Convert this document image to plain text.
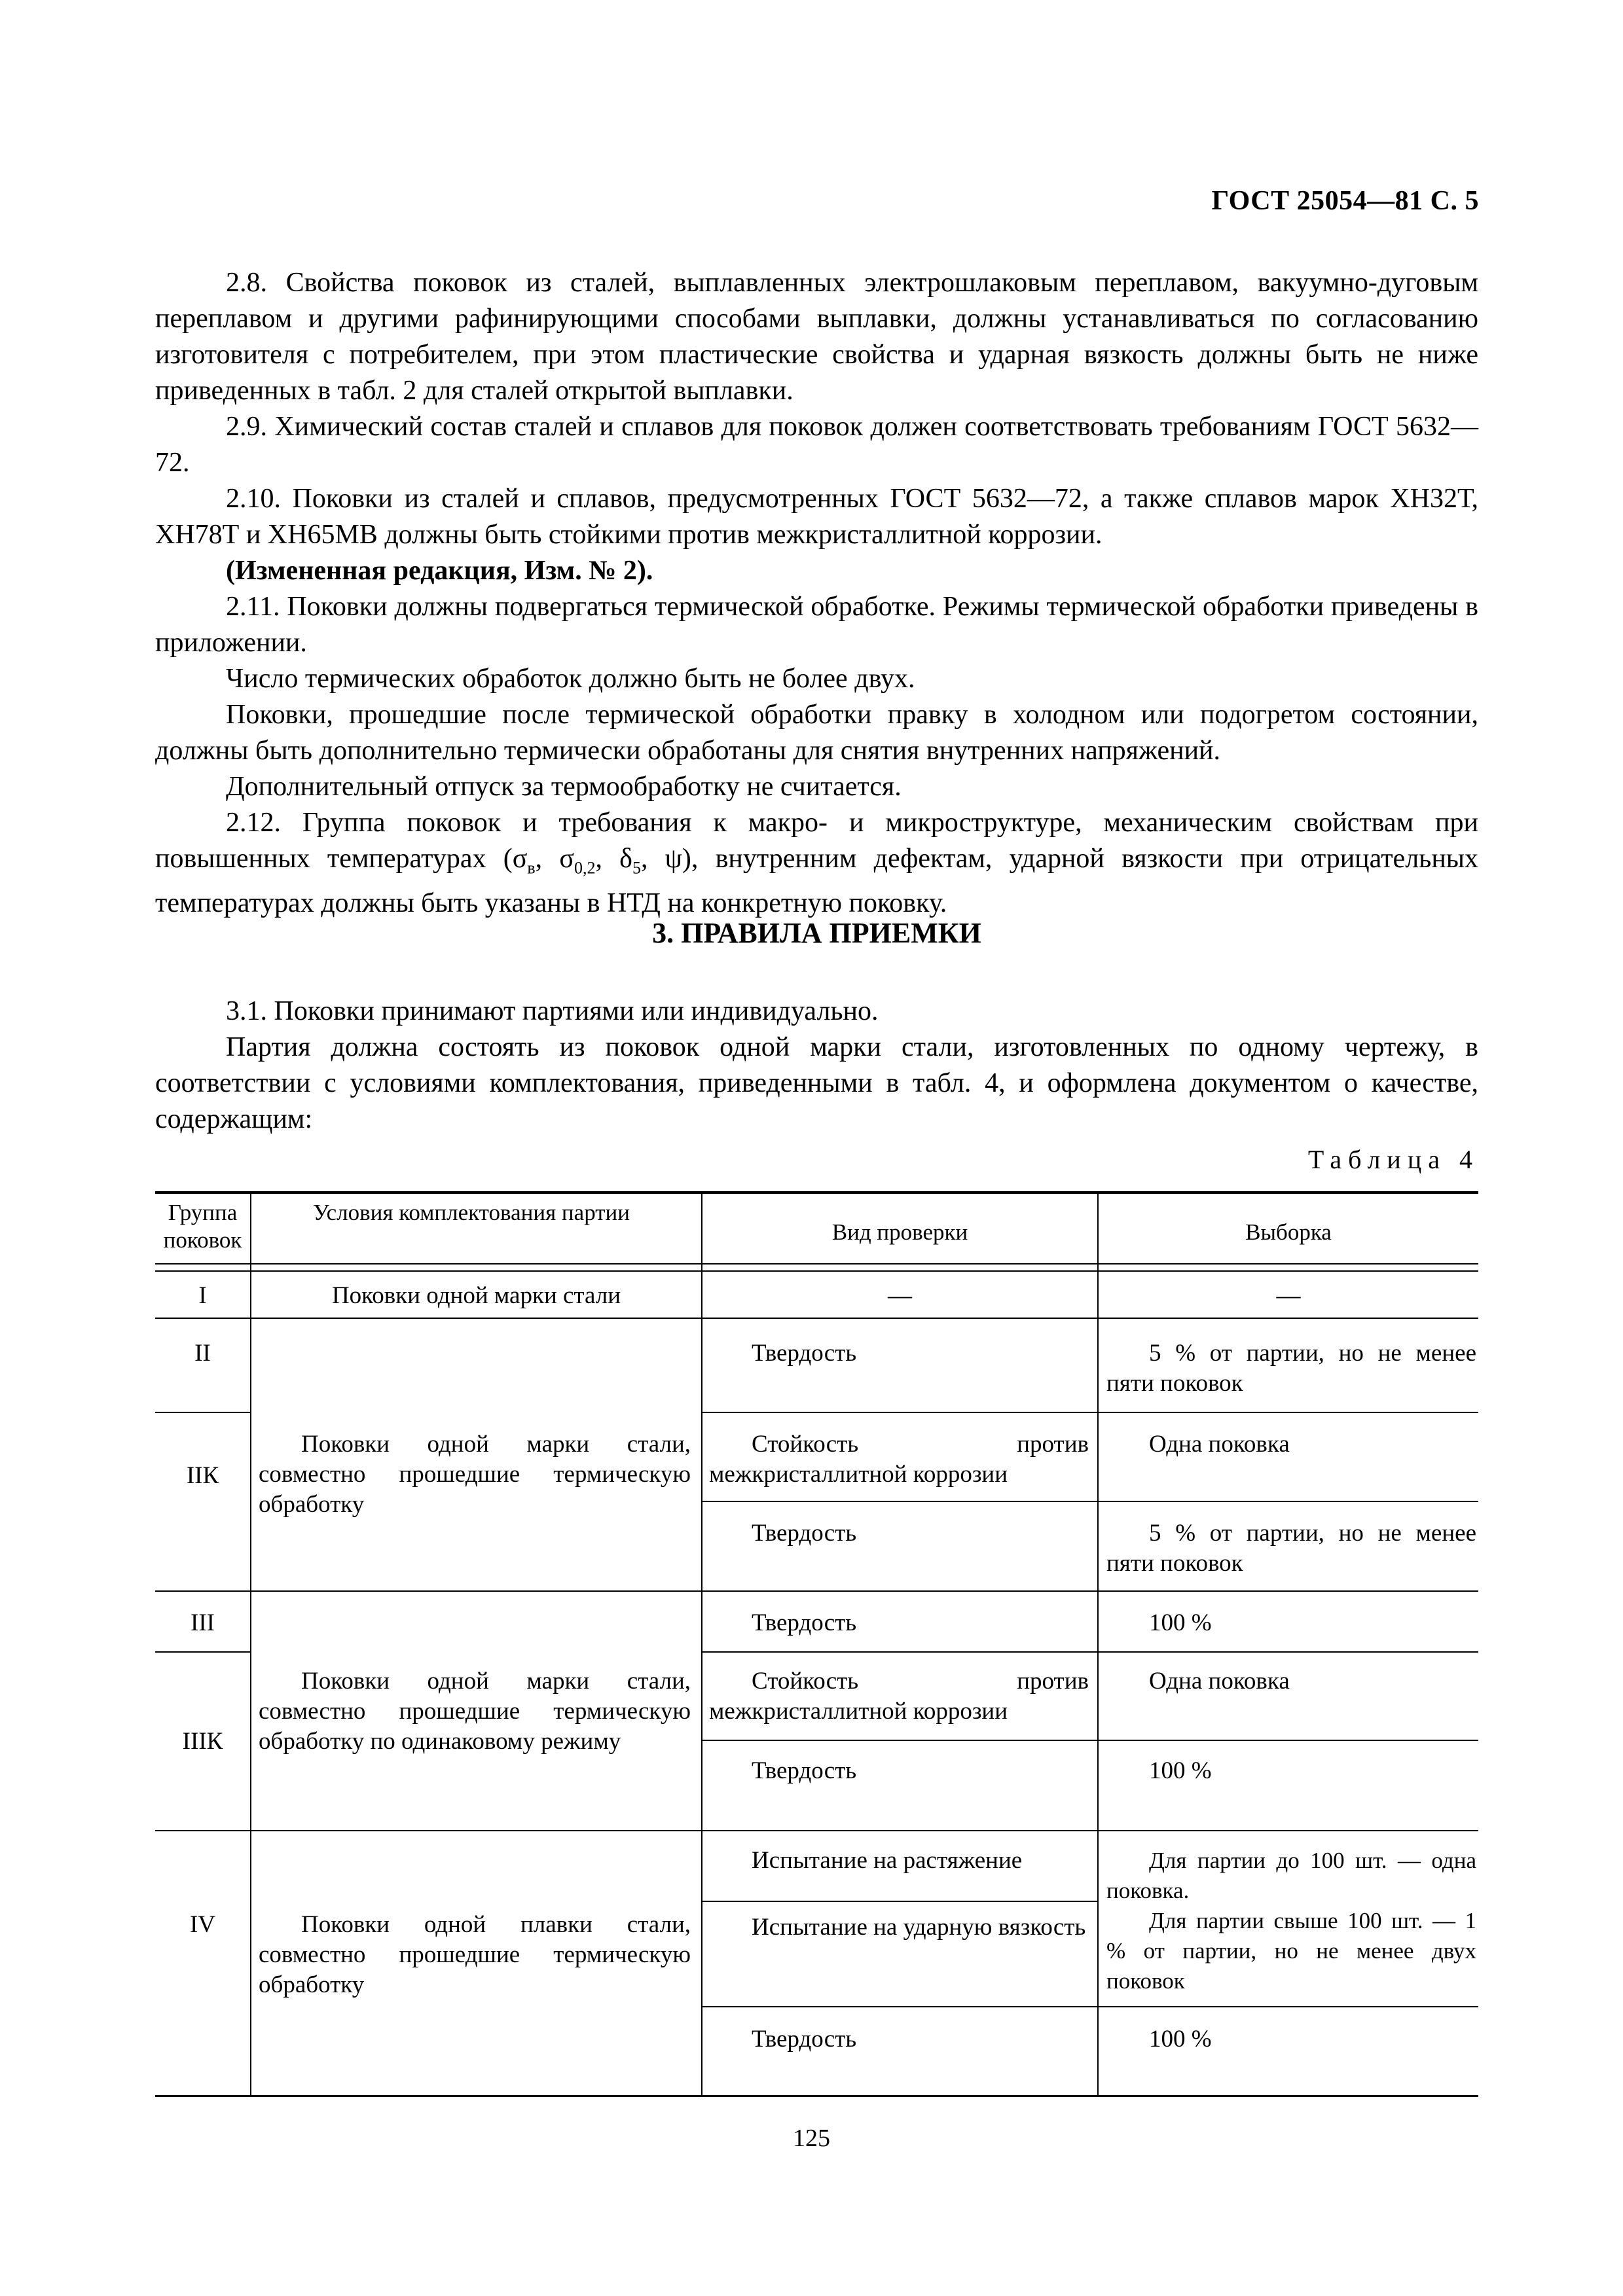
ГОСТ 25054—81 С. 5

2.8. Свойства поковок из сталей, выплавленных электрошлаковым переплавом, вакуумно-дуговым переплавом и другими рафинирующими способами выплавки, должны устанавливаться по согласованию изготовителя с потребителем, при этом пластические свойства и ударная вязкость должны быть не ниже приведенных в табл. 2 для сталей открытой выплавки.

2.9. Химический состав сталей и сплавов для поковок должен соответствовать требованиям ГОСТ 5632—72.

2.10. Поковки из сталей и сплавов, предусмотренных ГОСТ 5632—72, а также сплавов марок ХН32Т, ХН78Т и ХН65МВ должны быть стойкими против межкристаллитной коррозии.

(Измененная редакция, Изм. № 2).

2.11. Поковки должны подвергаться термической обработке. Режимы термической обработки приведены в приложении.

Число термических обработок должно быть не более двух.

Поковки, прошедшие после термической обработки правку в холодном или подогретом состоянии, должны быть дополнительно термически обработаны для снятия внутренних напряжений.

Дополнительный отпуск за термообработку не считается.

2.12. Группа поковок и требования к макро- и микроструктуре, механическим свойствам при повышенных температурах ($\sigma_в$, $\sigma_{0,2}$, $\delta_5$, ψ), внутренним дефектам, ударной вязкости при отрицательных температурах должны быть указаны в НТД на конкретную поковку.

3. ПРАВИЛА ПРИЕМКИ

3.1. Поковки принимают партиями или индивидуально.

Партия должна состоять из поковок одной марки стали, изготовленных по одному чертежу, в соответствии с условиями комплектования, приведенными в табл. 4, и оформлена документом о качестве, содержащим:

Таблица 4
Группа поковок
Условия комплектования партии
Вид проверки	Выборка
I
II
IIК
III
IIIК
IV
Поковки одной марки стали
Поковки одной марки стали, совместно прошедшие термическую обработку
Поковки одной марки стали, совместно прошедшие термическую обработку по одинаковому режиму
Поковки одной плавки стали, совместно прошедшие термическую обработку
—
Твердость
Стойкость против межкристаллитной коррозии
Твердость
Твердость
Стойкость против межкристаллитной коррозии
Твердость
Испытание на растяжение
Испытание на ударную вязкость
Твердость
—
5 % от партии, но не менее пяти поковок
Одна поковка
5 % от партии, но не менее пяти поковок
100 %
Одна поковка
100 %
Для партии до 100 шт. — одна поковка.
Для партии свыше 100 шт. — 1 % от партии, но не менее двух поковок
100 %
125
